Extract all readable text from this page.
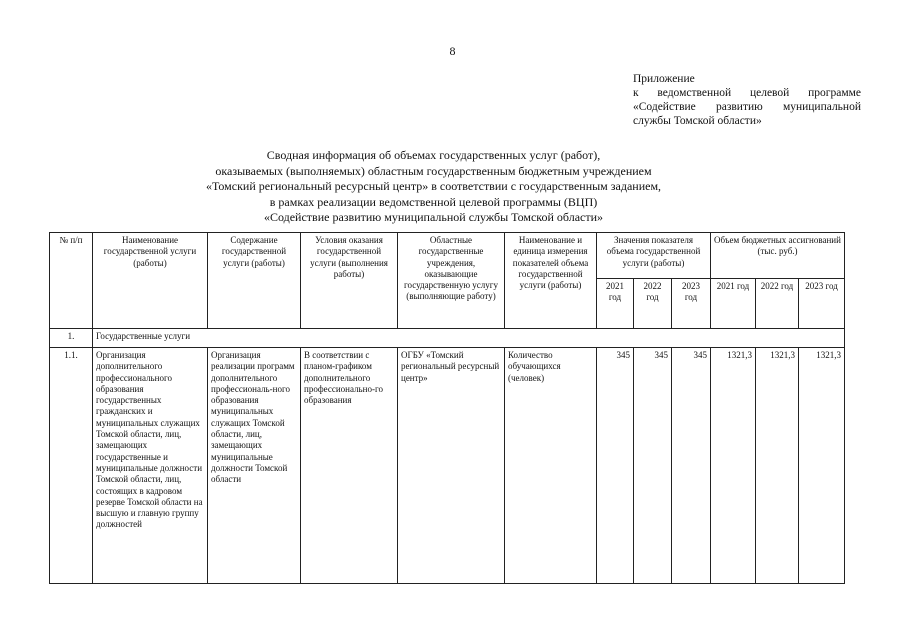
8
Приложение
к ведомственной целевой программе
«Содействие развитию муниципальной
службы Томской области»
Сводная информация об объемах государственных услуг (работ),
оказываемых (выполняемых) областным государственным бюджетным учреждением
«Томский региональный ресурсный центр» в соответствии с государственным заданием,
в рамках реализации ведомственной целевой программы (ВЦП)
«Содействие развитию муниципальной службы Томской области»
№ п/п	Наименование государственной услуги (работы)	Содержание государственной услуги (работы)	Условия оказания государственной услуги (выполнения работы)	Областные государственные учреждения, оказывающие государственную услугу (выполняющие работу)	Наименование и единица измерения показателей объема государственной услуги (работы)	Значения показателя объема государственной услуги (работы)			Объем бюджетных ассигнований (тыс. руб.)		
						2021 год	2022 год	2023 год	2021 год	2022 год	2023 год
1.	Государственные услуги										
1.1.	Организация дополнительного профессионального образования государственных гражданских и муниципальных служащих Томской области, лиц, замещающих государственные и муниципальные должности Томской области, лиц, состоящих в кадровом резерве Томской области на высшую и главную группу должностей	Организация реализации программ дополнительного профессиональ-ного образования муниципальных служащих Томской области, лиц, замещающих муниципальные должности Томской области	В соответствии с планом-графиком дополнительного профессионально-го образования	ОГБУ «Томский региональный ресурсный центр»	Количество обучающихся (человек)	345	345	345	1321,3	1321,3	1321,3
